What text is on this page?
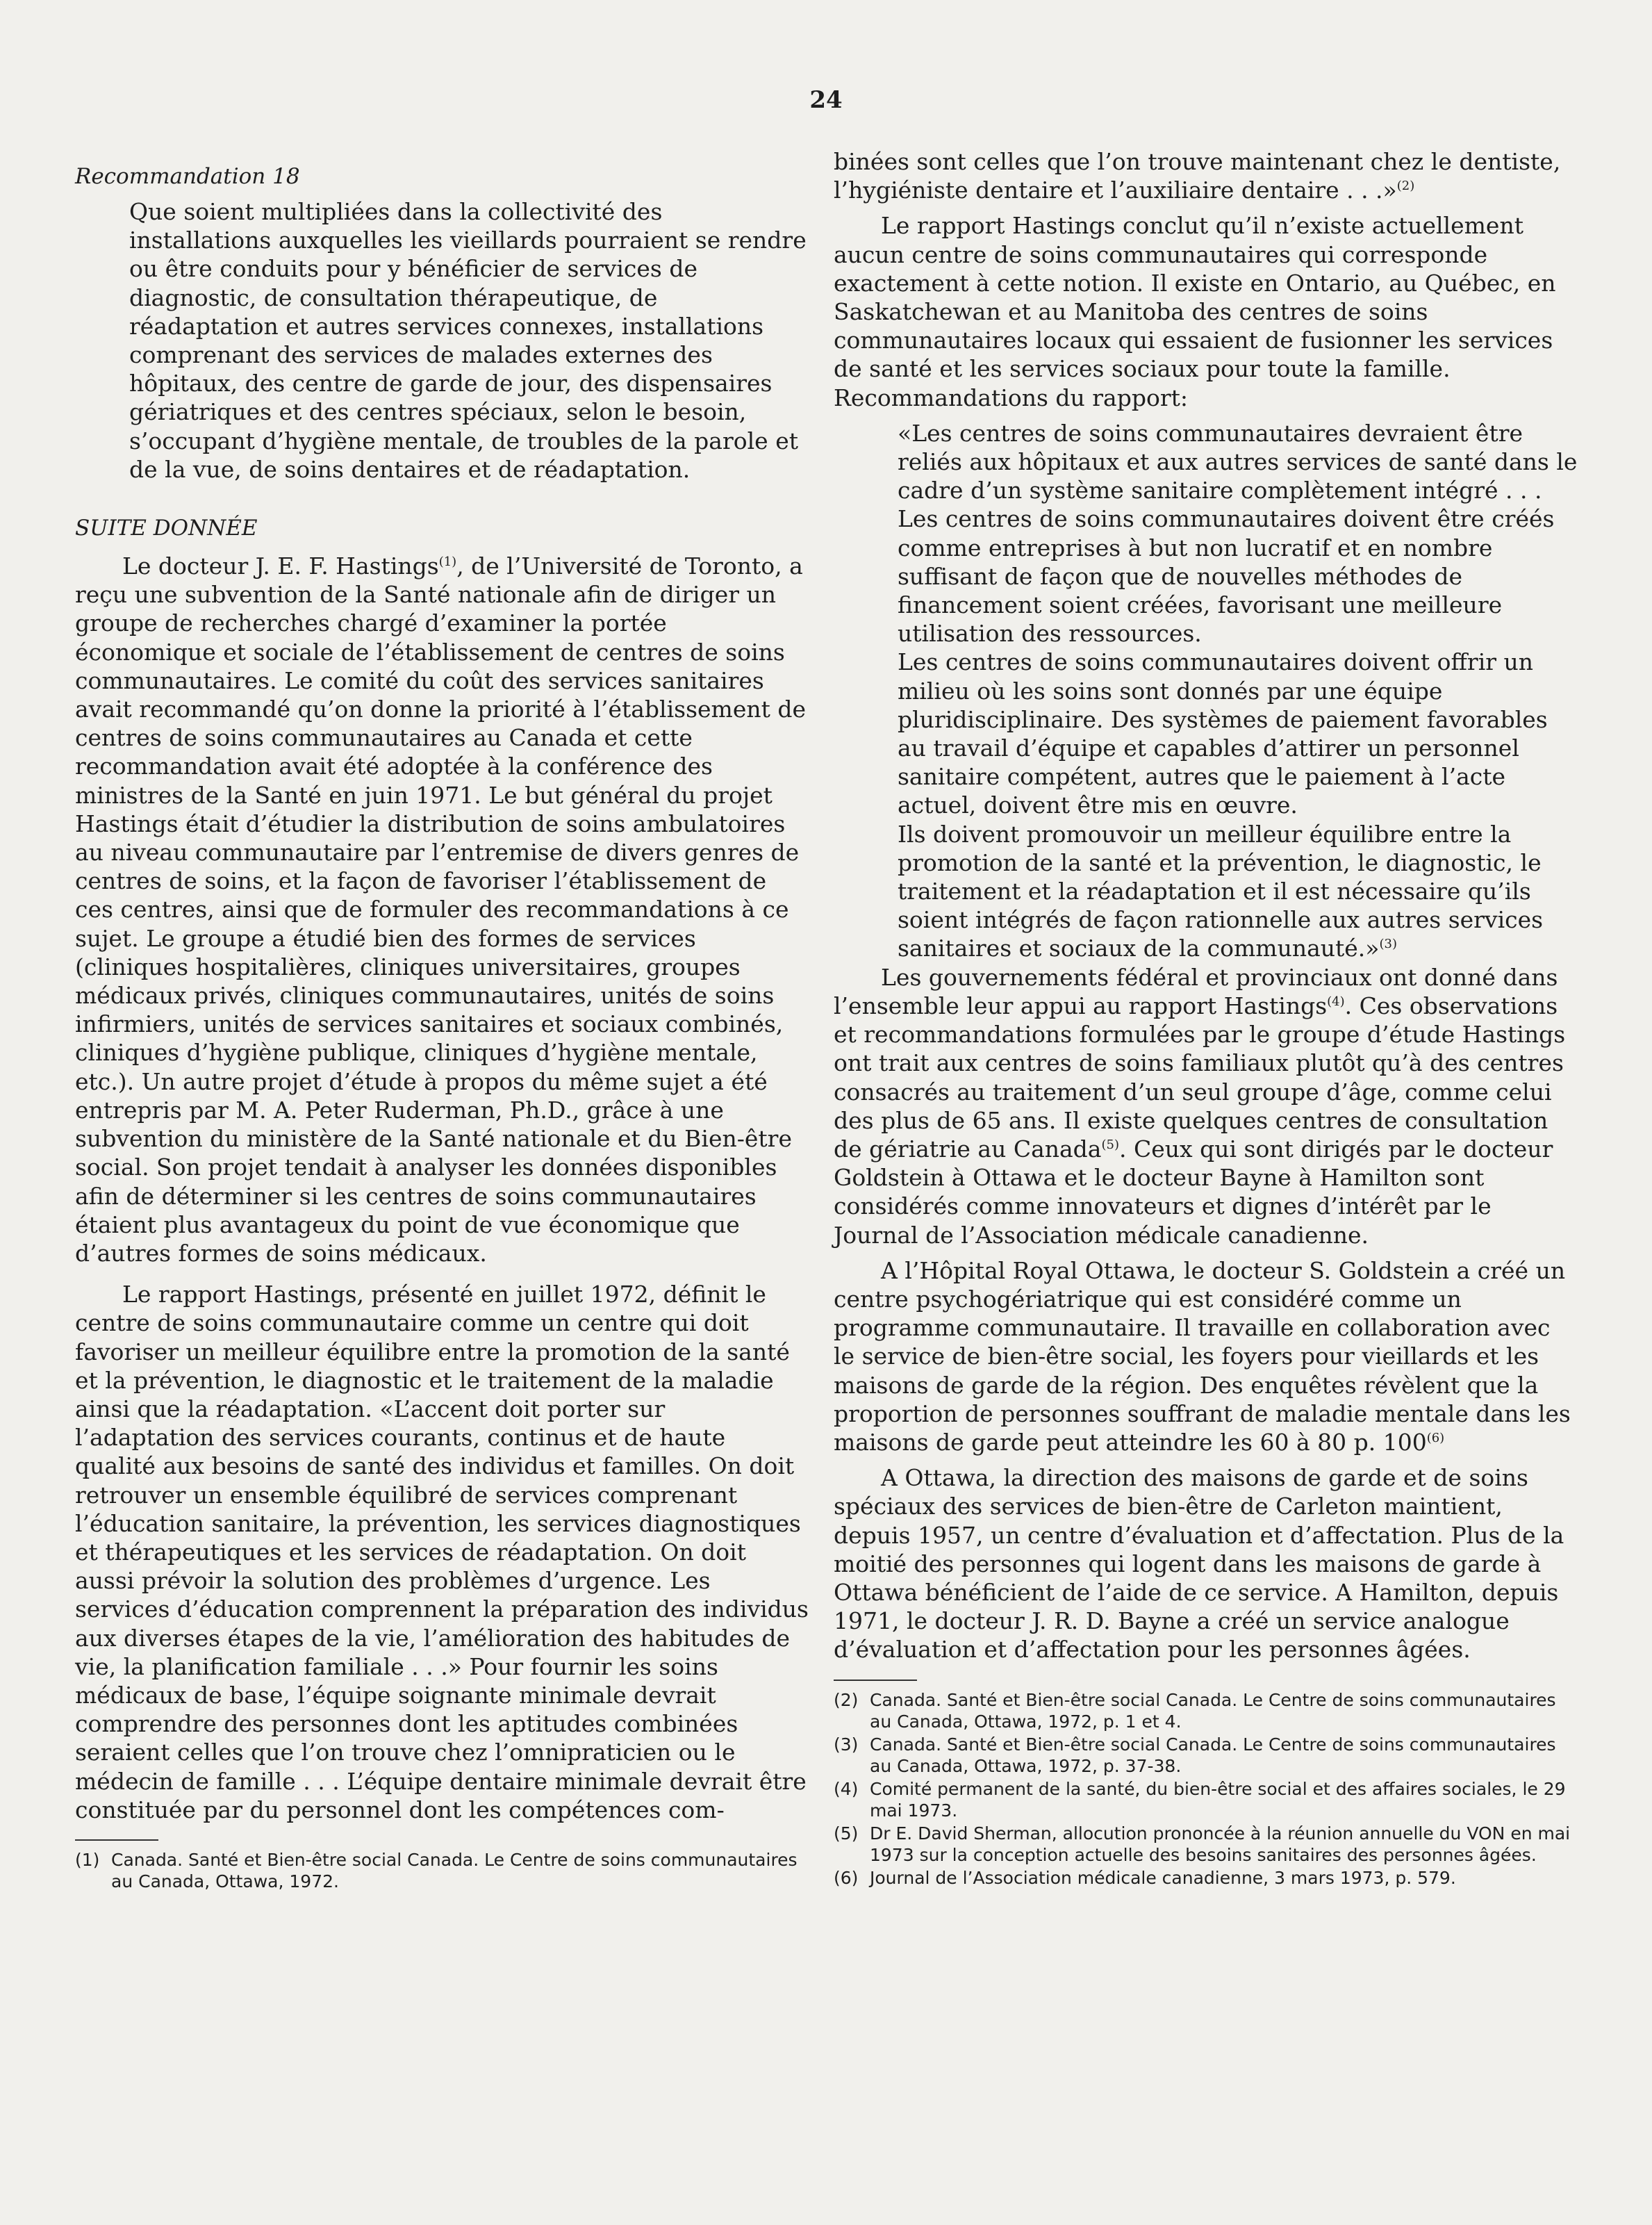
24

Recommandation 18

Que soient multipliées dans la collectivité des installations auxquelles les vieillards pourraient se rendre ou être conduits pour y bénéficier de services de diagnostic, de consultation thérapeutique, de réadaptation et autres services connexes, installations comprenant des services de malades externes des hôpitaux, des centre de garde de jour, des dispensaires gériatriques et des centres spéciaux, selon le besoin, s’occupant d’hygiène mentale, de troubles de la parole et de la vue, de soins dentaires et de réadaptation.

SUITE DONNÉE

Le docteur J. E. F. Hastings$^{(1)}$, de l’Université de Toronto, a reçu une subvention de la Santé nationale afin de diriger un groupe de recherches chargé d’examiner la portée économique et sociale de l’établissement de centres de soins communautaires. Le comité du coût des services sanitaires avait recommandé qu’on donne la priorité à l’établissement de centres de soins communautaires au Canada et cette recommandation avait été adoptée à la conférence des ministres de la Santé en juin 1971. Le but général du projet Hastings était d’étudier la distribution de soins ambulatoires au niveau communautaire par l’entremise de divers genres de centres de soins, et la façon de favoriser l’établissement de ces centres, ainsi que de formuler des recommandations à ce sujet. Le groupe a étudié bien des formes de services (cliniques hospitalières, cliniques universitaires, groupes médicaux privés, cliniques communautaires, unités de soins infirmiers, unités de services sanitaires et sociaux combinés, cliniques d’hygiène publique, cliniques d’hygiène mentale, etc.). Un autre projet d’étude à propos du même sujet a été entrepris par M. A. Peter Ruderman, Ph.D., grâce à une subvention du ministère de la Santé nationale et du Bien-être social. Son projet tendait à analyser les données disponibles afin de déterminer si les centres de soins communautaires étaient plus avantageux du point de vue économique que d’autres formes de soins médicaux.

Le rapport Hastings, présenté en juillet 1972, définit le centre de soins communautaire comme un centre qui doit favoriser un meilleur équilibre entre la promotion de la santé et la prévention, le diagnostic et le traitement de la maladie ainsi que la réadaptation. «L’accent doit porter sur l’adaptation des services courants, continus et de haute qualité aux besoins de santé des individus et familles. On doit retrouver un ensemble équilibré de services comprenant l’éducation sanitaire, la prévention, les services diagnostiques et thérapeutiques et les services de réadaptation. On doit aussi prévoir la solution des problèmes d’urgence. Les services d’éducation comprennent la préparation des individus aux diverses étapes de la vie, l’amélioration des habitudes de vie, la planification familiale . . .» Pour fournir les soins médicaux de base, l’équipe soignante minimale devrait comprendre des personnes dont les aptitudes combinées seraient celles que l’on trouve chez l’omnipraticien ou le médecin de famille . . . L’équipe dentaire minimale devrait être constituée par du personnel dont les compétences com-

(1) Canada. Santé et Bien-être social Canada. Le Centre de soins communautaires au Canada, Ottawa, 1972.

binées sont celles que l’on trouve maintenant chez le dentiste, l’hygiéniste dentaire et l’auxiliaire dentaire . . .»$^{(2)}$

Le rapport Hastings conclut qu’il n’existe actuellement aucun centre de soins communautaires qui corresponde exactement à cette notion. Il existe en Ontario, au Québec, en Saskatchewan et au Manitoba des centres de soins communautaires locaux qui essaient de fusionner les services de santé et les services sociaux pour toute la famille. Recommandations du rapport:

«Les centres de soins communautaires devraient être reliés aux hôpitaux et aux autres services de santé dans le cadre d’un système sanitaire complètement intégré . . . Les centres de soins communautaires doivent être créés comme entreprises à but non lucratif et en nombre suffisant de façon que de nouvelles méthodes de financement soient créées, favorisant une meilleure utilisation des ressources.

Les centres de soins communautaires doivent offrir un milieu où les soins sont donnés par une équipe pluridisciplinaire. Des systèmes de paiement favorables au travail d’équipe et capables d’attirer un personnel sanitaire compétent, autres que le paiement à l’acte actuel, doivent être mis en œuvre.

Ils doivent promouvoir un meilleur équilibre entre la promotion de la santé et la prévention, le diagnostic, le traitement et la réadaptation et il est nécessaire qu’ils soient intégrés de façon rationnelle aux autres services sanitaires et sociaux de la communauté.»$^{(3)}$

Les gouvernements fédéral et provinciaux ont donné dans l’ensemble leur appui au rapport Hastings$^{(4)}$. Ces observations et recommandations formulées par le groupe d’étude Hastings ont trait aux centres de soins familiaux plutôt qu’à des centres consacrés au traitement d’un seul groupe d’âge, comme celui des plus de 65 ans. Il existe quelques centres de consultation de gériatrie au Canada$^{(5)}$. Ceux qui sont dirigés par le docteur Goldstein à Ottawa et le docteur Bayne à Hamilton sont considérés comme innovateurs et dignes d’intérêt par le Journal de l’Association médicale canadienne.

A l’Hôpital Royal Ottawa, le docteur S. Goldstein a créé un centre psychogériatrique qui est considéré comme un programme communautaire. Il travaille en collaboration avec le service de bien-être social, les foyers pour vieillards et les maisons de garde de la région. Des enquêtes révèlent que la proportion de personnes souffrant de maladie mentale dans les maisons de garde peut atteindre les 60 à 80 p. 100$^{(6)}$

A Ottawa, la direction des maisons de garde et de soins spéciaux des services de bien-être de Carleton maintient, depuis 1957, un centre d’évaluation et d’affectation. Plus de la moitié des personnes qui logent dans les maisons de garde à Ottawa bénéficient de l’aide de ce service. A Hamilton, depuis 1971, le docteur J. R. D. Bayne a créé un service analogue d’évaluation et d’affectation pour les personnes âgées.

(2) Canada. Santé et Bien-être social Canada. Le Centre de soins communautaires au Canada, Ottawa, 1972, p. 1 et 4.
(3) Canada. Santé et Bien-être social Canada. Le Centre de soins communautaires au Canada, Ottawa, 1972, p. 37-38.
(4) Comité permanent de la santé, du bien-être social et des affaires sociales, le 29 mai 1973.
(5) Dr E. David Sherman, allocution prononcée à la réunion annuelle du VON en mai 1973 sur la conception actuelle des besoins sanitaires des personnes âgées.
(6) Journal de l’Association médicale canadienne, 3 mars 1973, p. 579.
